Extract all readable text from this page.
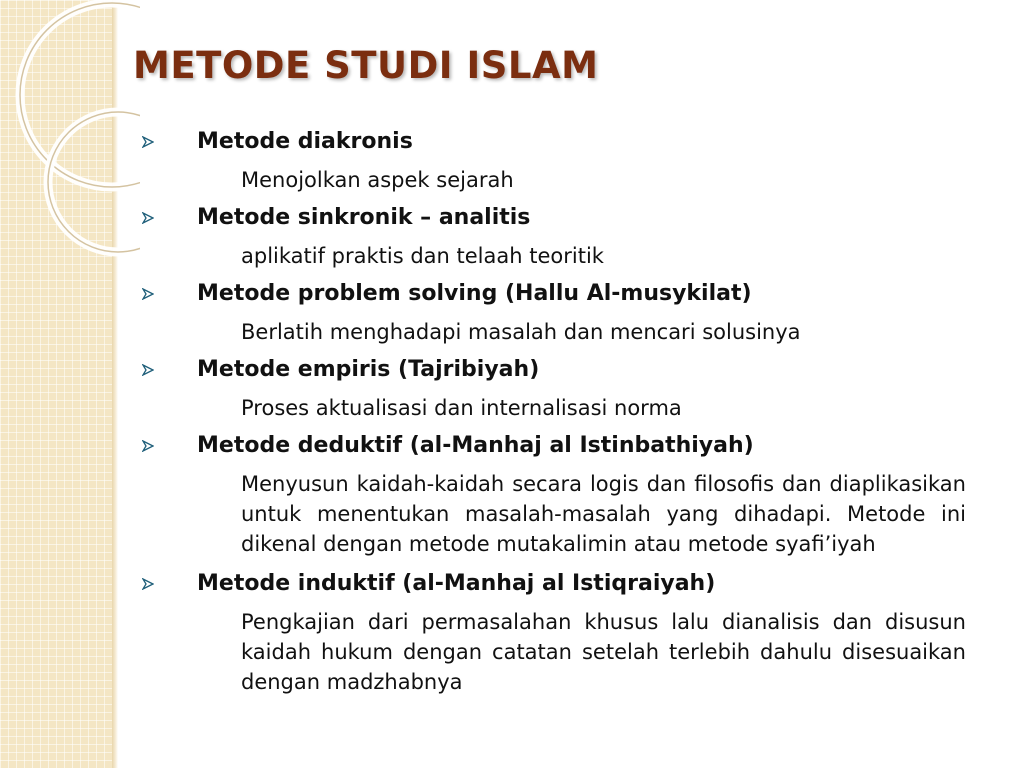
METODE STUDI ISLAM
Metode diakronis
Menojolkan aspek sejarah
Metode sinkronik – analitis
aplikatif praktis dan telaah teoritik
Metode problem solving (Hallu Al-musykilat)
Berlatih menghadapi masalah dan mencari solusinya
Metode empiris (Tajribiyah)
Proses aktualisasi dan internalisasi norma
Metode deduktif (al-Manhaj al Istinbathiyah)
Menyusun kaidah-kaidah secara logis dan filosofis dan diaplikasikan untuk menentukan masalah-masalah yang dihadapi. Metode ini dikenal dengan metode mutakalimin atau metode syafi’iyah
Metode induktif (al-Manhaj al Istiqraiyah)
Pengkajian dari permasalahan khusus lalu dianalisis dan disusun kaidah hukum dengan catatan setelah terlebih dahulu disesuaikan dengan madzhabnya
